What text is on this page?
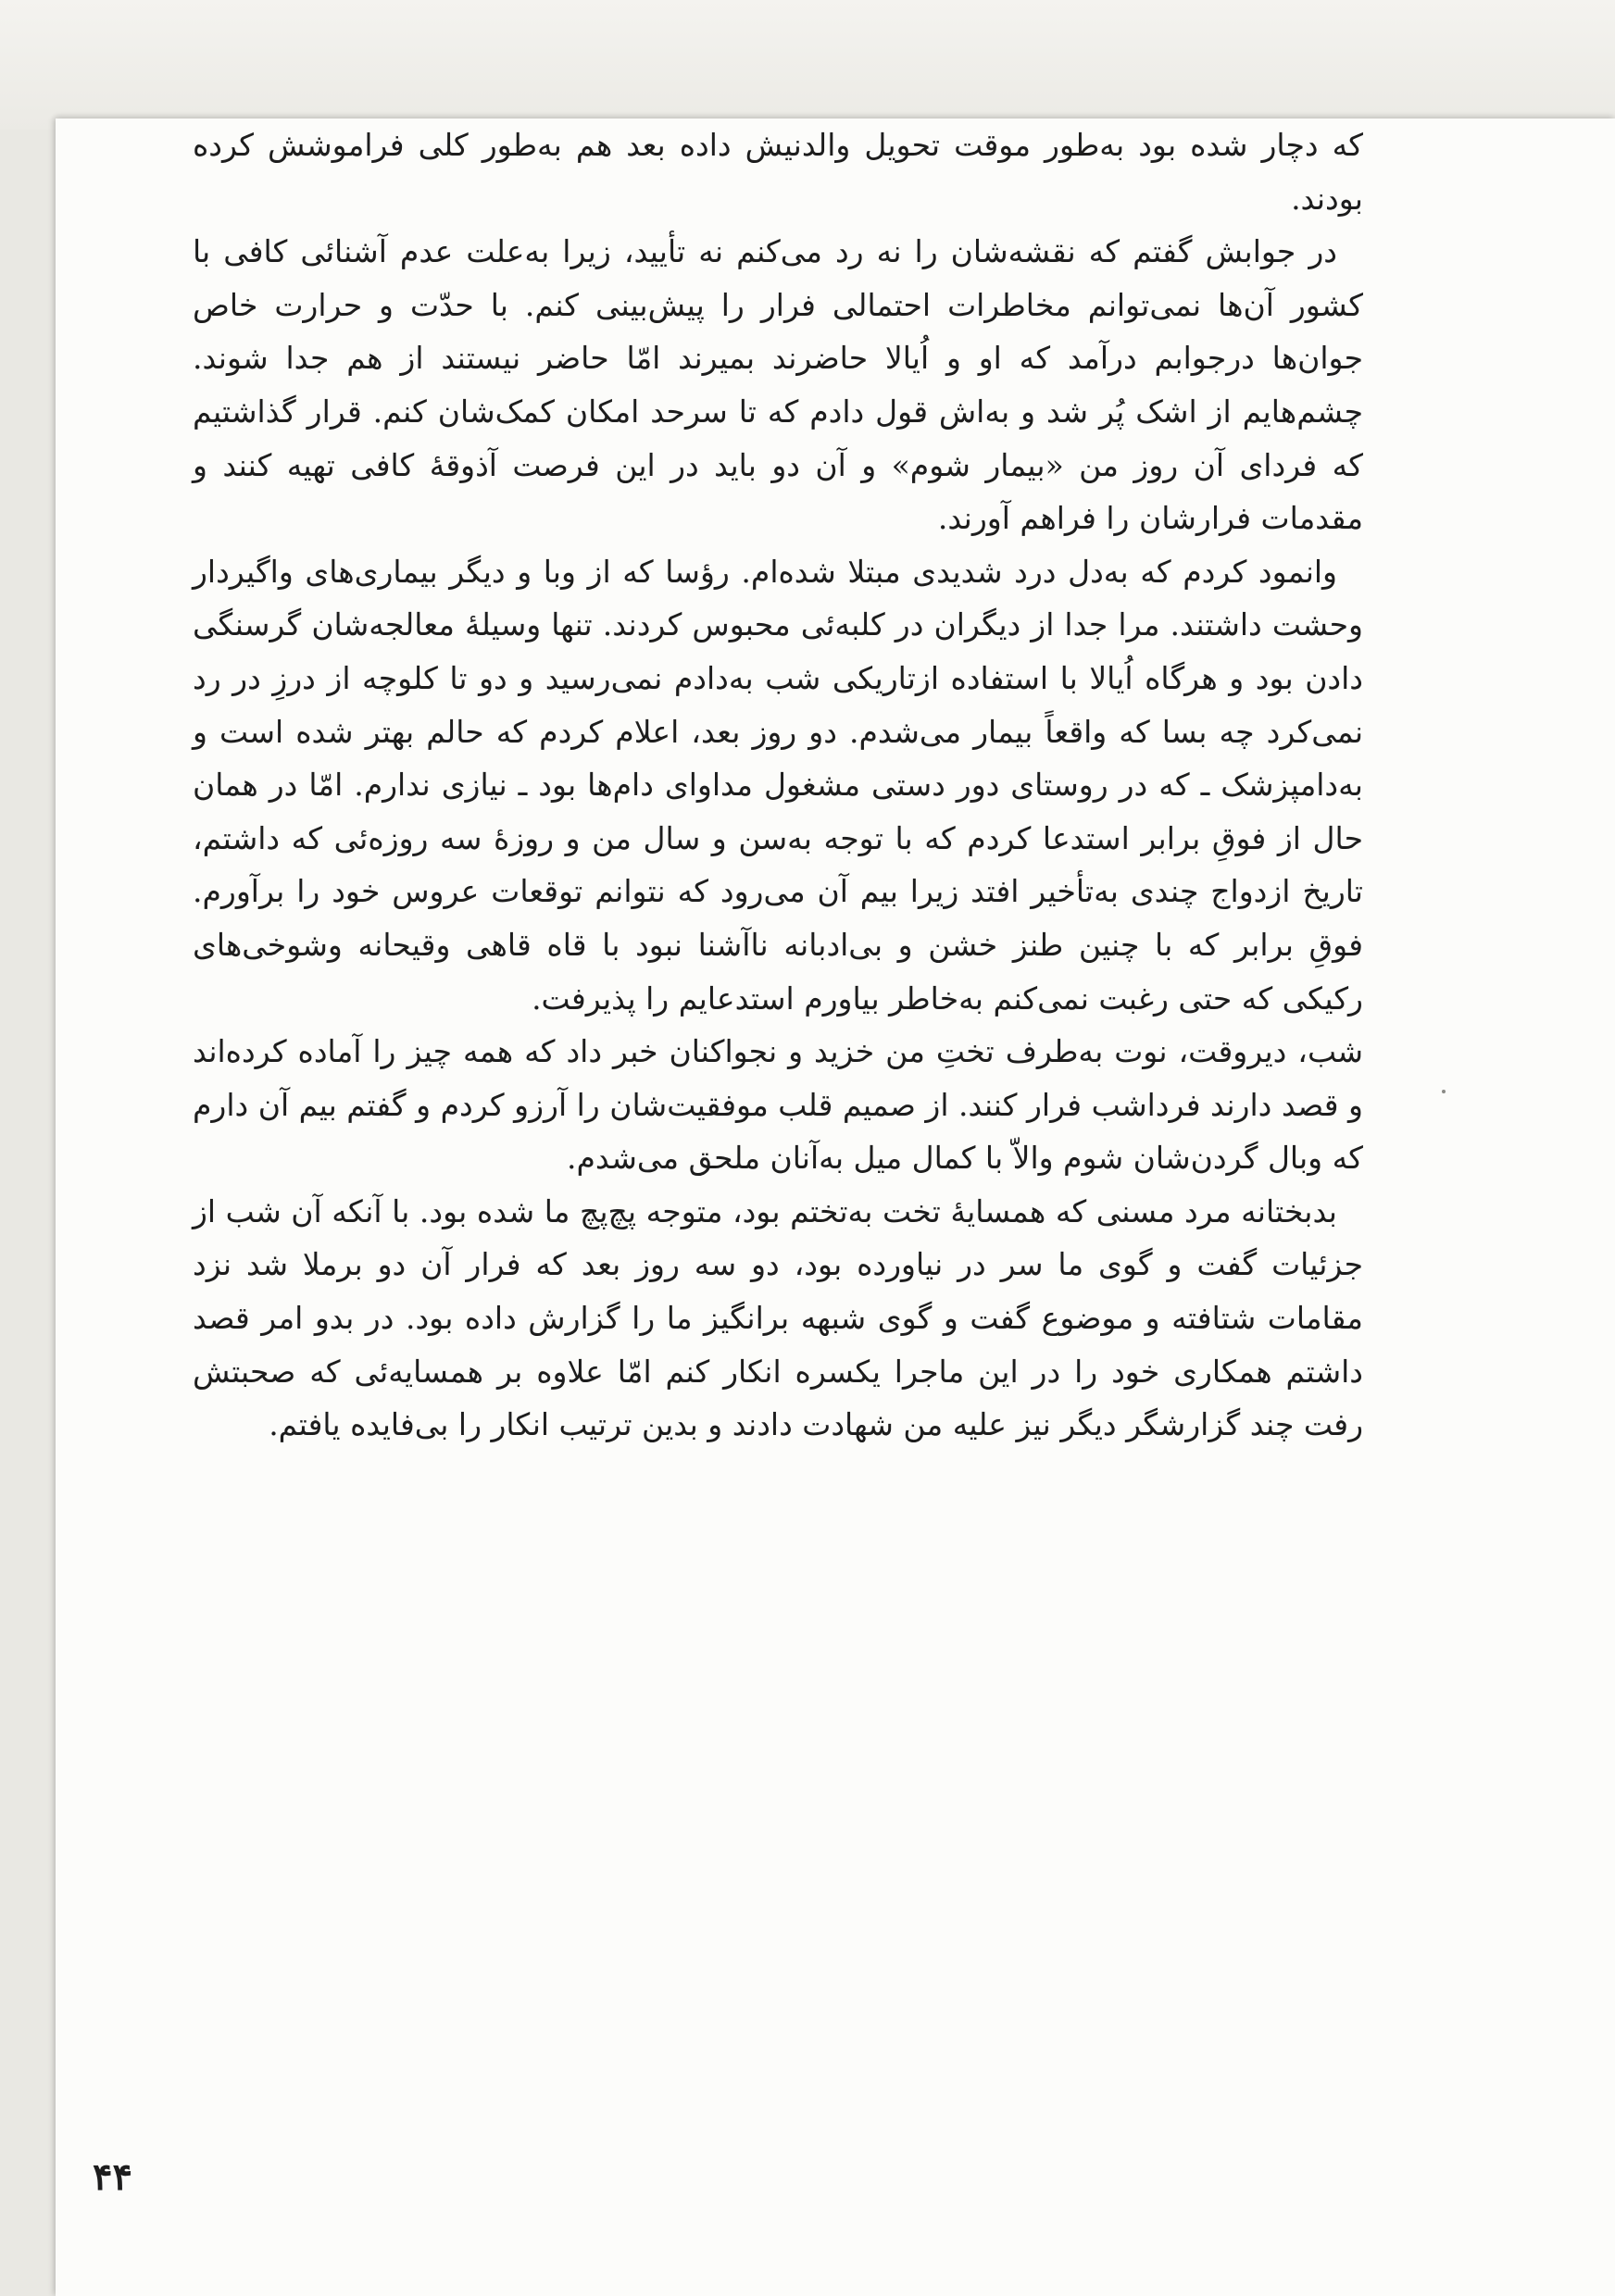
که دچار شده بود به‌طور موقت تحویل والدنیش داده بعد هم به‌طور کلی فراموشش کرده بودند.

در جوابش گفتم که نقشه‌شان را نه رد می‌کنم نه تأیید، زیرا به‌علت عدم آشنائی کافی با کشور آن‌ها نمی‌توانم مخاطرات احتمالی فرار را پیش‌بینی کنم. با حدّت و حرارت خاص جوان‌ها درجوابم درآمد که او و اُیالا حاضرند بمیرند امّا حاضر نیستند از هم جدا شوند. چشم‌هایم از اشک پُر شد و به‌اش قول دادم که تا سرحد امکان کمک‌شان کنم. قرار گذاشتیم که فردای آن روز من «بیمار شوم» و آن دو باید در این فرصت آذوقهٔ کافی تهیه کنند و مقدمات فرارشان را فراهم آورند.

وانمود کردم که به‌دل درد شدیدی مبتلا شده‌ام. رؤسا که از وبا و دیگر بیماری‌های واگیردار وحشت داشتند. مرا جدا از دیگران در کلبه‌ئی محبوس کردند. تنها وسیلهٔ معالجه‌شان گرسنگی دادن بود و هرگاه اُیالا با استفاده ازتاریکی شب به‌دادم نمی‌رسید و دو تا کلوچه از درزِ در رد نمی‌کرد چه بسا که واقعاً بیمار می‌شدم. دو روز بعد، اعلام کردم که حالم بهتر شده است و به‌دامپزشک ـ که در روستای دور دستی مشغول مداوای دام‌ها بود ـ نیازی ندارم. امّا در همان حال از فوقِ برابر استدعا کردم که با توجه به‌سن و سال من و روزهٔ سه روزه‌ئی که داشتم، تاریخ ازدواج چندی به‌تأخیر افتد زیرا بیم آن می‌رود که نتوانم توقعات عروس خود را برآورم. فوقِ برابر که با چنین طنز خشن و بی‌ادبانه ناآشنا نبود با قاه قاهی وقیحانه وشوخی‌های رکیکی که حتی رغبت نمی‌کنم به‌خاطر بیاورم استدعایم را پذیرفت.

شب، دیروقت، نوت به‌طرف تختِ من خزید و نجواکنان خبر داد که همه چیز را آماده کرده‌اند و قصد دارند فرداشب فرار کنند. از صمیم قلب موفقیت‌شان را آرزو کردم و گفتم بیم آن دارم که وبال گردن‌شان شوم والاّ با کمال میل به‌آنان ملحق می‌شدم.

بدبختانه مرد مسنی که همسایهٔ تخت به‌تختم بود، متوجه پچ‌پچ ما شده بود. با آنکه آن شب از جزئیات گفت و گوی ما سر در نیاورده بود، دو سه روز بعد که فرار آن دو برملا شد نزد مقامات شتافته و موضوع گفت و گوی شبهه برانگیز ما را گزارش داده بود. در بدو امر قصد داشتم همکاری خود را در این ماجرا یکسره انکار کنم امّا علاوه بر همسایه‌ئی که صحبتش رفت چند گزارشگر دیگر نیز علیه من شهادت دادند و بدین ترتیب انکار را بی‌فایده یافتم.

۴۴
